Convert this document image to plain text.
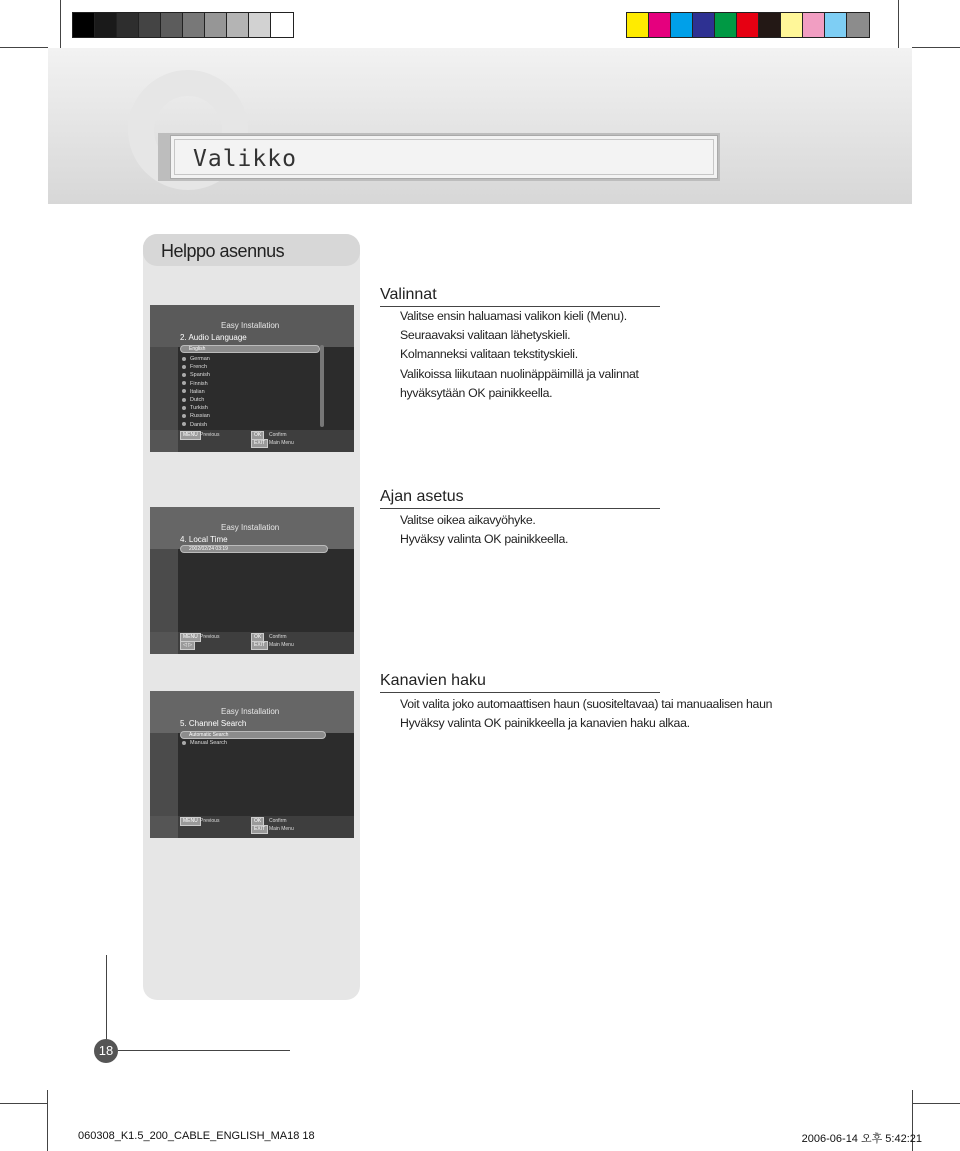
Valikko
Helppo asennus
Easy Installation
2. Audio Language
English
German
French
Spanish
Finnish
Italian
Dutch
Turkish
Russian
Danish
MENU Previous	OK	Confirm
EXIT Main Menu
Easy Installation
4. Local Time
2002/02/24 03:19
MENU Previous
◁ ▷
OK	Confirm
EXIT Main Menu
Easy Installation
5. Channel Search
Automatic Search
Manual Search
MENU Previous	OK	Confirm
EXIT Main Menu
Valinnat
Valitse ensin haluamasi valikon kieli (Menu).
Seuraavaksi valitaan lähetyskieli.
Kolmanneksi valitaan tekstityskieli.
Valikoissa liikutaan nuolinäppäimillä ja valinnat
hyväksytään OK painikkeella.
Ajan asetus
Valitse oikea aikavyöhyke.
Hyväksy valinta OK painikkeella.
Kanavien haku
Voit valita joko automaattisen haun (suositeltavaa) tai manuaalisen haun
Hyväksy valinta OK painikkeella ja kanavien haku alkaa.
18
060308_K1.5_200_CABLE_ENGLISH_MA18 18	2006-06-14 오후 5:42:21
